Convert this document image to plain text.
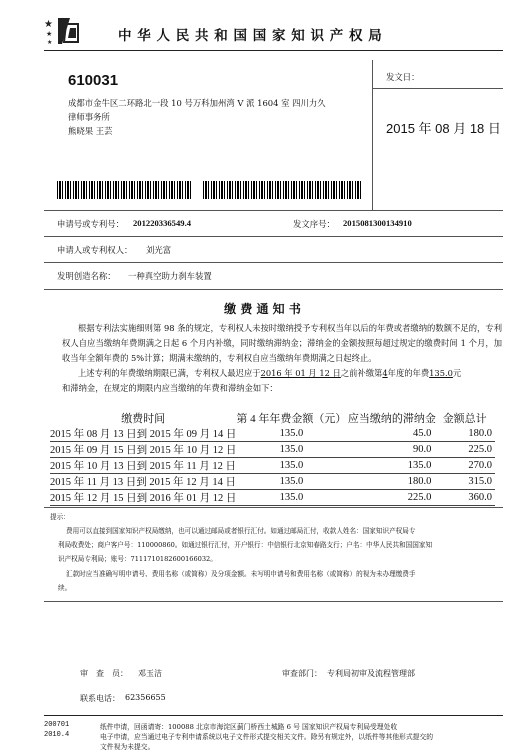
★
★
★	中 华 人 民 共 和 国 国 家 知 识 产 权 局
610031
成都市金牛区二环路北一段 10 号万科加州湾 V 派 1604 室 四川力久
律师事务所
熊晓果 王芸
发文日：
2015 年 08 月 18 日
申请号或专利号： 201220336549.4	发文序号： 2015081300134910
申请人或专利权人： 刘光富
发明创造名称： 一种真空助力刹车装置
缴 费 通 知 书
根据专利法实施细则第 98 条的规定，专利权人未按时缴纳授予专利权当年以后的年费或者缴纳的数额不足的，专利权人自应当缴纳年费期满之日起 6 个月内补缴，同时缴纳滞纳金；滞纳金的金额按照每超过规定的缴费时间 1 个月，加收当年全额年费的 5%计算；期满未缴纳的，专利权自应当缴纳年费期满之日起终止。
上述专利的年费缴纳期限已满，专利权人最迟应于2016 年 01 月 12 日之前补缴第4年度的年费135.0元
和滞纳金，在规定的期限内应当缴纳的年费和滞纳金如下：
缴费时间	第 4 年年费金额（元）	应当缴纳的滞纳金	金额总计
2015 年 08 月 13 日到 2015 年 09 月 14 日	135.0	45.0	180.0
2015 年 09 月 15 日到 2015 年 10 月 12 日	135.0	90.0	225.0
2015 年 10 月 13 日到 2015 年 11 月 12 日	135.0	135.0	270.0
2015 年 11 月 13 日到 2015 年 12 月 14 日	135.0	180.0	315.0
2015 年 12 月 15 日到 2016 年 01 月 12 日	135.0	225.0	360.0
提示：
费用可以直接到国家知识产权局缴纳，也可以通过邮局或者银行汇付。如通过邮局汇付，收款人姓名：国家知识产权局专
利局收费处；商户客户号：110000860。如通过银行汇付，开户银行：中信银行北京知春路支行；户名：中华人民共和国国家知
识产权局专利局；账号：7111710182600166032。
汇款时应当准确写明申请号、费用名称（或简称）及分项金额。未写明申请号和费用名称（或简称）的视为未办理缴费手
续。
审　查　员： 邓玉洁	审查部门： 专利局初审及流程管理部
联系电话： 62356655
200701
2010.4
纸件申请，回函请寄：100088 北京市海淀区蓟门桥西土城路 6 号 国家知识产权局专利局受理处收
电子申请，应当通过电子专利申请系统以电子文件形式提交相关文件。除另有规定外，以纸件等其他形式提交的
文件视为未提交。
